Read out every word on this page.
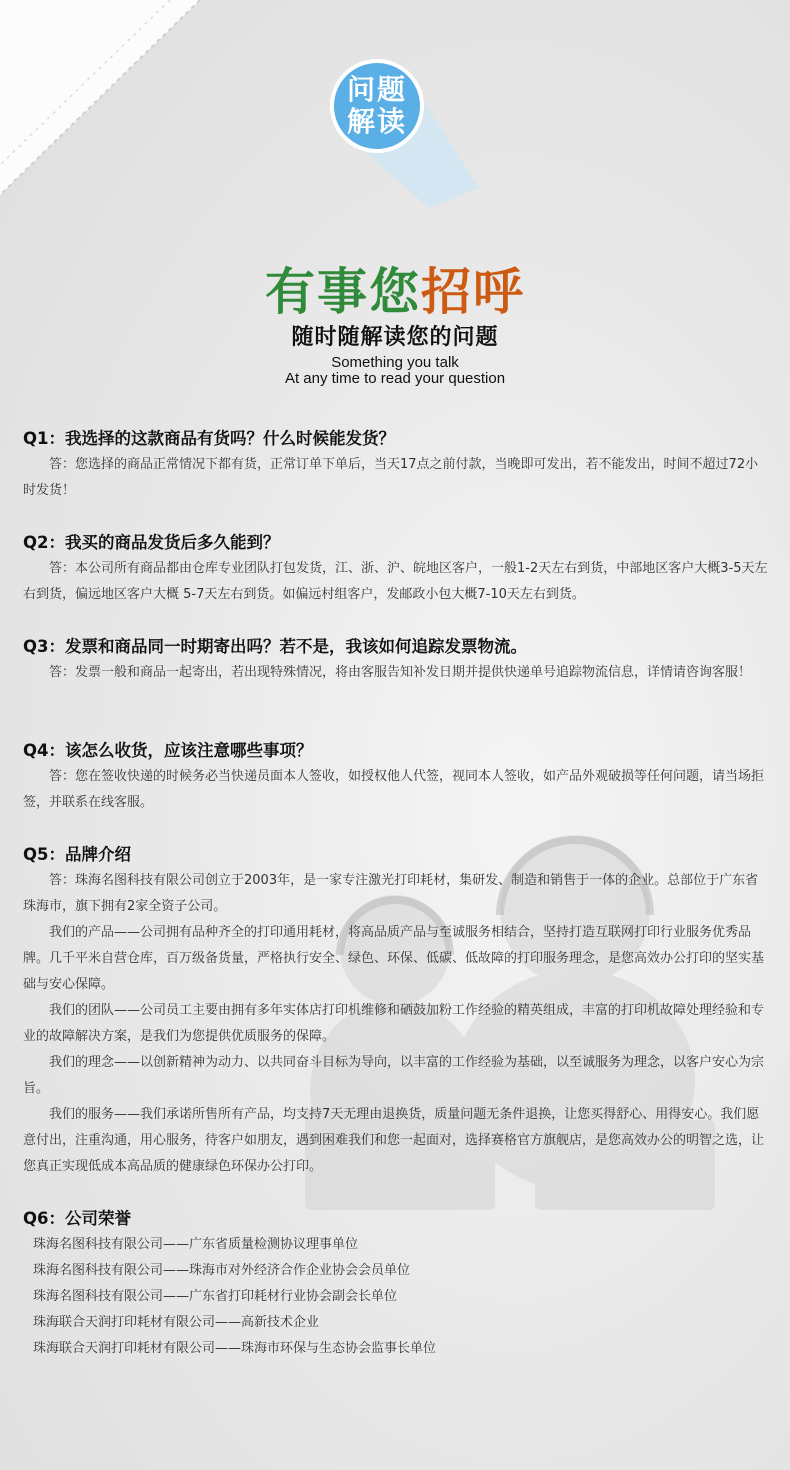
问题
解读
有事您招呼
随时随解读您的问题
Something you talk
At any time to read your question
Q1：我选择的这款商品有货吗？什么时候能发货？

答：您选择的商品正常情况下都有货，正常订单下单后，当天17点之前付款，当晚即可发出，若不能发出，时间不超过72小时发货！

Q2：我买的商品发货后多久能到？

答：本公司所有商品都由仓库专业团队打包发货，江、浙、沪、皖地区客户，一般1-2天左右到货，中部地区客户大概3-5天左右到货，偏远地区客户大概 5-7天左右到货。如偏远村组客户，发邮政小包大概7-10天左右到货。

Q3：发票和商品同一时期寄出吗？若不是，我该如何追踪发票物流。

答：发票一般和商品一起寄出，若出现特殊情况，将由客服告知补发日期并提供快递单号追踪物流信息，详情请咨询客服！

Q4：该怎么收货，应该注意哪些事项？

答：您在签收快递的时候务必当快递员面本人签收，如授权他人代签，视同本人签收，如产品外观破损等任何问题，请当场拒签，并联系在线客服。

Q5：品牌介绍

答：珠海名图科技有限公司创立于2003年，是一家专注激光打印耗材，集研发、制造和销售于一体的企业。总部位于广东省珠海市，旗下拥有2家全资子公司。

我们的产品——公司拥有品种齐全的打印通用耗材，将高品质产品与至诚服务相结合，坚持打造互联网打印行业服务优秀品牌。几千平米自营仓库，百万级备货量，严格执行安全、绿色、环保、低碳、低故障的打印服务理念，是您高效办公打印的坚实基础与安心保障。

我们的团队——公司员工主要由拥有多年实体店打印机维修和硒鼓加粉工作经验的精英组成，丰富的打印机故障处理经验和专业的故障解决方案，是我们为您提供优质服务的保障。

我们的理念——以创新精神为动力、以共同奋斗目标为导向，以丰富的工作经验为基础，以至诚服务为理念，以客户安心为宗旨。

我们的服务——我们承诺所售所有产品，均支持7天无理由退换货，质量问题无条件退换，让您买得舒心、用得安心。我们愿意付出，注重沟通，用心服务，待客户如朋友，遇到困难我们和您一起面对，选择赛格官方旗舰店，是您高效办公的明智之选，让您真正实现低成本高品质的健康绿色环保办公打印。

Q6：公司荣誉

珠海名图科技有限公司——广东省质量检测协议理事单位

珠海名图科技有限公司——珠海市对外经济合作企业协会会员单位

珠海名图科技有限公司——广东省打印耗材行业协会副会长单位

珠海联合天润打印耗材有限公司——高新技术企业

珠海联合天润打印耗材有限公司——珠海市环保与生态协会监事长单位
